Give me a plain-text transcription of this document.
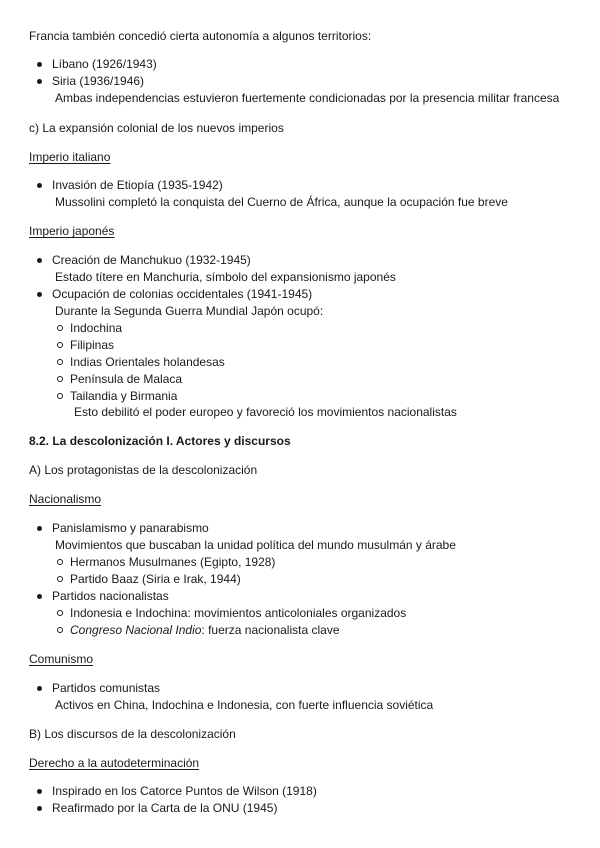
Francia también concedió cierta autonomía a algunos territorios:
Líbano (1926/1943)
Siria (1936/1946)
Ambas independencias estuvieron fuertemente condicionadas por la presencia militar francesa
c) La expansión colonial de los nuevos imperios
Imperio italiano
Invasión de Etiopía (1935-1942)
Mussolini completó la conquista del Cuerno de África, aunque la ocupación fue breve
Imperio japonés
Creación de Manchukuo (1932-1945)
Estado títere en Manchuria, símbolo del expansionismo japonés
Ocupación de colonias occidentales (1941-1945)
Durante la Segunda Guerra Mundial Japón ocupó:
Indochina
Filipinas
Indias Orientales holandesas
Península de Malaca
Tailandia y Birmania
Esto debilitó el poder europeo y favoreció los movimientos nacionalistas
8.2. La descolonización I. Actores y discursos
A) Los protagonistas de la descolonización
Nacionalismo
Panislamismo y panarabismo
Movimientos que buscaban la unidad política del mundo musulmán y árabe
Hermanos Musulmanes (Egipto, 1928)
Partido Baaz (Siria e Irak, 1944)
Partidos nacionalistas
Indonesia e Indochina: movimientos anticoloniales organizados
Congreso Nacional Indio: fuerza nacionalista clave
Comunismo
Partidos comunistas
Activos en China, Indochina e Indonesia, con fuerte influencia soviética
B) Los discursos de la descolonización
Derecho a la autodeterminación
Inspirado en los Catorce Puntos de Wilson (1918)
Reafirmado por la Carta de la ONU (1945)
